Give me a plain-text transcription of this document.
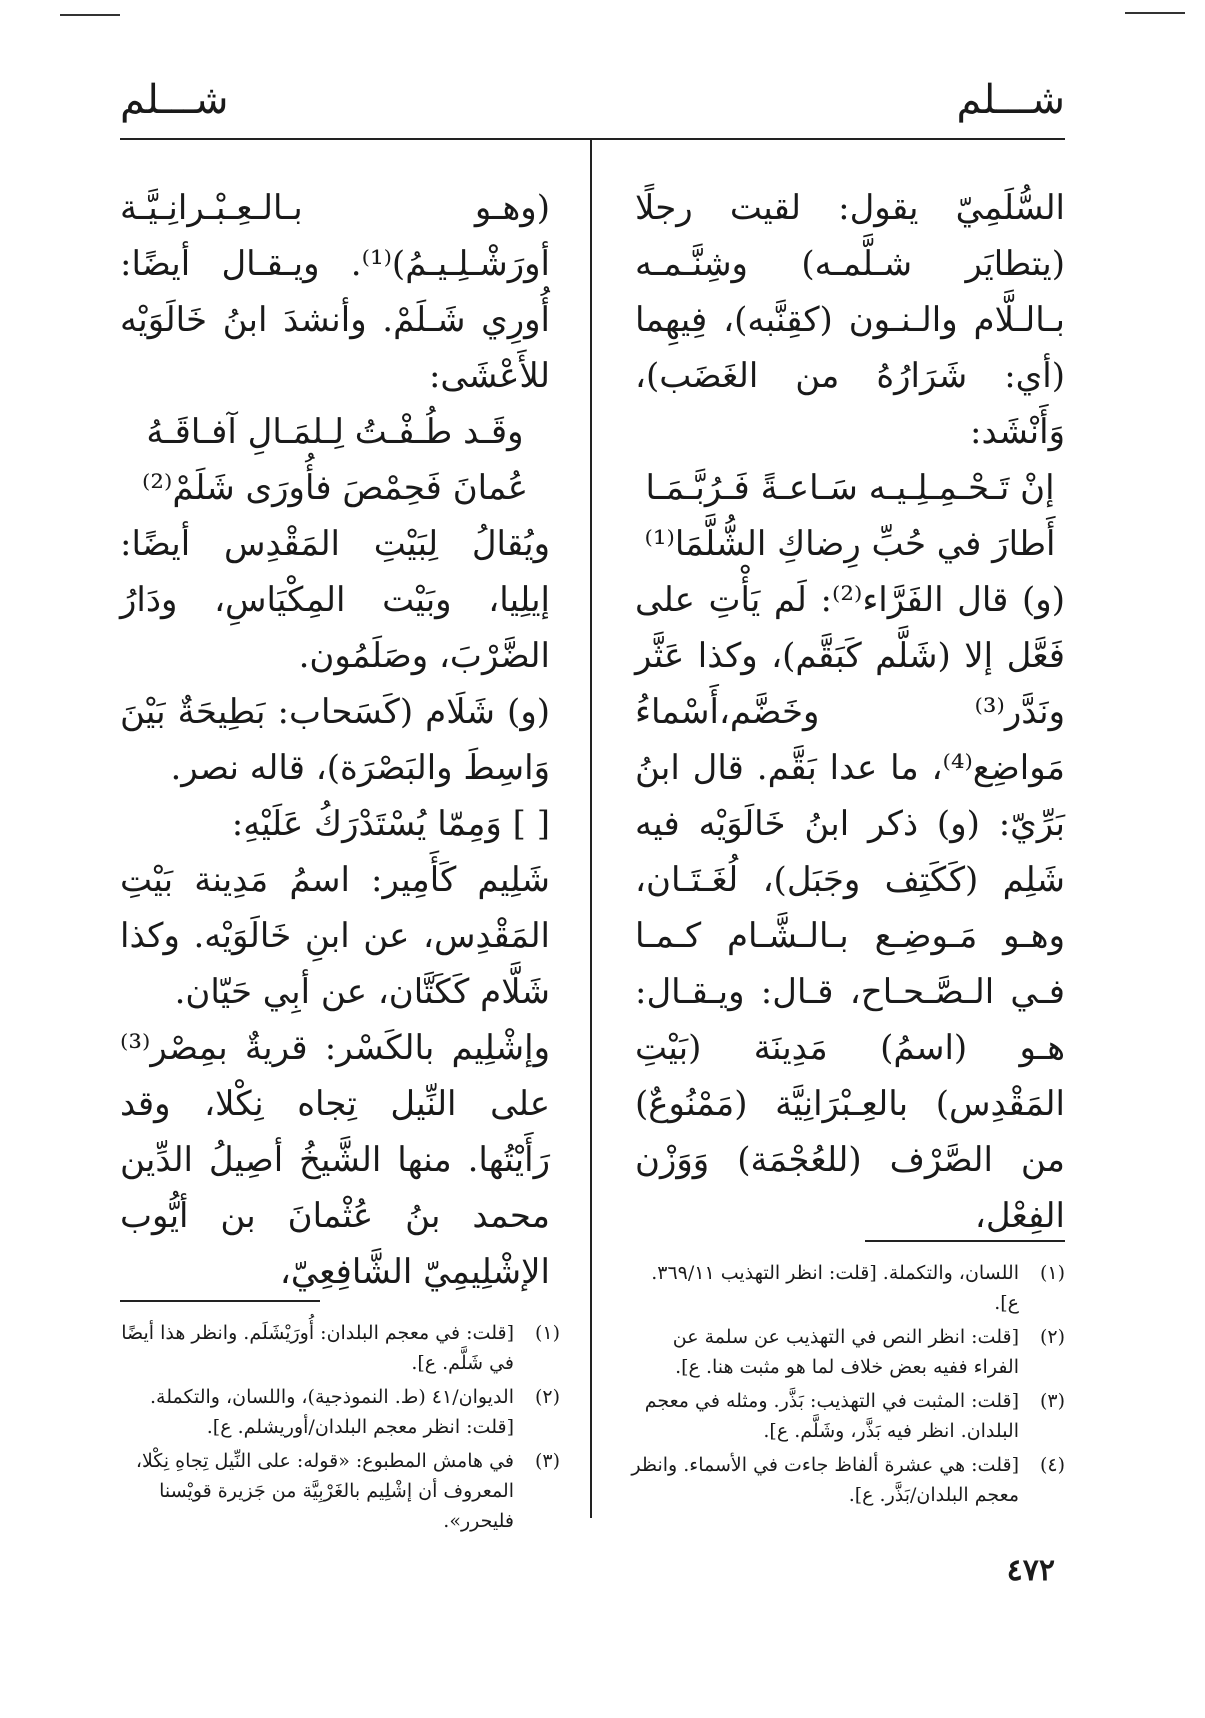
شـــلم
شـــلم

السُّلَمِيّ يقول: لقيت رجلًا (يتطايَر شـلَّمـه) وشِنَّـمـه بـالـلَّام والـنـون (كقِنَّبه)، فِيهِما (أي: شَرَارُهُ من الغَضَب)، وَأَنْشَد:

إنْ تَـحْـمِـلِـيـه سَـاعـةً فَـرُبَّـمَـا

أَطارَ في حُبِّ رِضاكِ الشُّلَّمَا⁽¹⁾

(و) قال الفَرَّاء⁽²⁾: لَم يَأْتِ على فَعَّل إلا (شَلَّم كَبَقَّم)، وكذا عَثَّر ونَدَّر⁽³⁾ وخَضَّم،أَسْماءُ مَواضِع⁽⁴⁾، ما عدا بَقَّم. قال ابنُ بَرِّيّ: (و) ذكر ابنُ خَالَوَيْه فيه شَلِم (كَكَتِف وجَبَل)، لُغَـتَـان، وهـو مَـوضِـع بـالـشَّـام كـمـا فـي الـصَّـحـاح، قـال: ويـقـال: هـو (اسمُ) مَدِينَة (بَيْتِ المَقْدِس) بالعِـبْرَانِيَّة (مَمْنُوعٌ) من الصَّرْف (للعُجْمَة) وَوَزْن الفِعْل،

(وهـو بـالـعِـبْـرانِـيَّـة أورَشْـلِـيـمُ)⁽¹⁾. ويـقـال أيضًا: أُورِي شَـلَمْ. وأنشدَ ابنُ خَالَوَيْه للأَعْشَى:

وقَـد طُـفْـتُ لِـلمَـالِ آفـاقَـهُ

عُمانَ فَحِمْصَ فأُورَى شَلَمْ⁽²⁾

ويُقالُ لِبَيْتِ المَقْدِس أيضًا: إيلِيا، وبَيْت المِكْيَاسِ، ودَارُ الضَّرْبَ، وصَلَمُون.

(و) شَلَام (كَسَحاب: بَطِيحَةٌ بَيْنَ وَاسِطَ والبَصْرَة)، قاله نصر.

[ ] وَمِمّا يُسْتَدْرَكُ عَلَيْهِ:

شَلِيم كَأَمِير: اسمُ مَدِينة بَيْتِ المَقْدِس، عن ابنِ خَالَوَيْه. وكذا شَلَّام كَكَتَّان، عن أبِي حَيّان.

وإشْلِيم بالكَسْر: قريةٌ بمِصْر⁽³⁾ على النِّيل تِجاه نِكْلا، وقد رَأَيْتُها. منها الشَّيخُ أصِيلُ الدِّين محمد بنُ عُثْمانَ بن أيُّوب الإشْلِيمِيّ الشَّافِعِيّ،	(١)
اللسان، والتكملة. [قلت: انظر التهذيب ٣٦٩/١١. ع].
(٢)
[قلت: انظر النص في التهذيب عن سلمة عن الفراء ففيه بعض خلاف لما هو مثبت هنا. ع].
(٣)
[قلت: المثبت في التهذيب: بَذَّر. ومثله في معجم البلدان. انظر فيه بَذَّر، وشَلَّم. ع].
(٤)
[قلت: هي عشرة ألفاظ جاءت في الأسماء. وانظر معجم البلدان/بَذَّر. ع].
(١)
[قلت: في معجم البلدان: أُورَيْشَلَم. وانظر هذا أيضًا في شَلَّم. ع].
(٢)
الديوان/٤١ (ط. النموذجية)، واللسان، والتكملة. [قلت: انظر معجم البلدان/أوريشلم. ع].
(٣)
في هامش المطبوع: «قوله: على النِّيل تِجاهِ نِكْلا، المعروف أن إشْلِيم بالغَرْبِيَّة من جَزيرة قويْسنا فليحرر».
٤٧٢
